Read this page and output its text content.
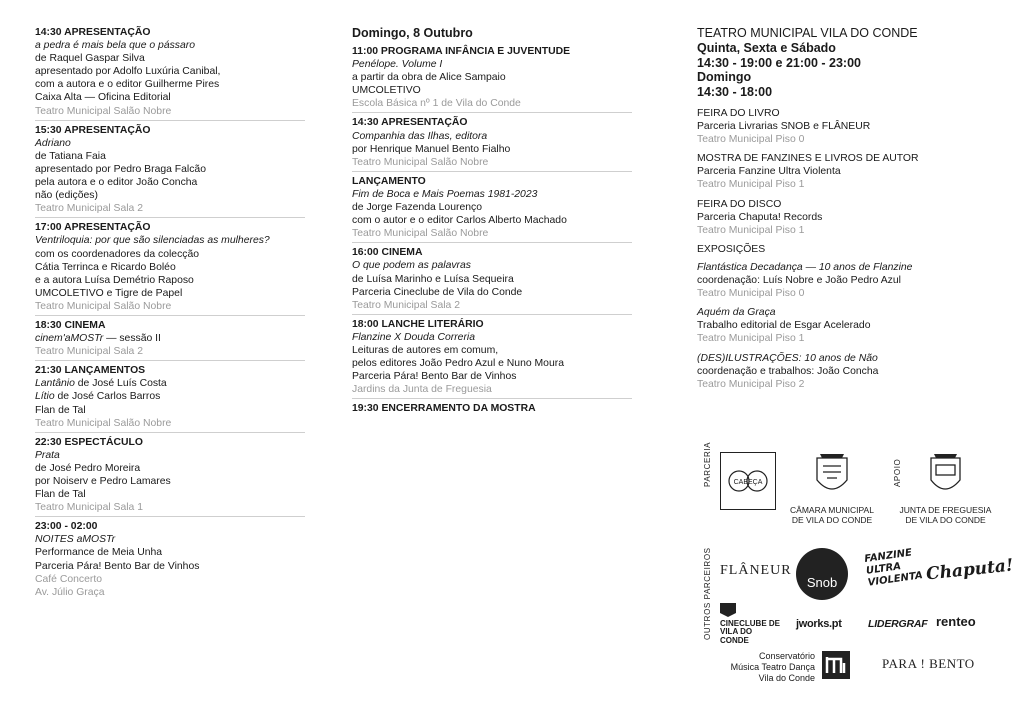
14:30 APRESENTAÇÃO
a pedra é mais bela que o pássaro
de Raquel Gaspar Silva
apresentado por Adolfo Luxúria Canibal,
com a autora e o editor Guilherme Pires
Caixa Alta — Oficina Editorial
Teatro Municipal Salão Nobre
15:30 APRESENTAÇÃO
Adriano
de Tatiana Faia
apresentado por Pedro Braga Falcão
pela autora e o editor João Concha
não (edições)
Teatro Municipal Sala 2
17:00 APRESENTAÇÃO
Ventriloquia: por que são silenciadas as mulheres?
com os coordenadores da colecção
Cátia Terrinca e Ricardo Boléo
e a autora Luísa Demétrio Raposo
UMCOLETIVO e Tigre de Papel
Teatro Municipal Salão Nobre
18:30 CINEMA
cinem'aMOSTr — sessão II
Teatro Municipal Sala 2
21:30 LANÇAMENTOS
Lantânio de José Luís Costa
Lítio de José Carlos Barros
Flan de Tal
Teatro Municipal Salão Nobre
22:30 ESPECTÁCULO
Prata
de José Pedro Moreira
por Noiserv e Pedro Lamares
Flan de Tal
Teatro Municipal Sala 1
23:00 - 02:00
NOITES aMOSTr
Performance de Meia Unha
Parceria Pára! Bento Bar de Vinhos
Café Concerto
Av. Júlio Graça
Domingo, 8 Outubro
11:00 PROGRAMA INFÂNCIA E JUVENTUDE
Penélope. Volume I
a partir da obra de Alice Sampaio
UMCOLETIVO
Escola Básica nº 1 de Vila do Conde
14:30 APRESENTAÇÃO
Companhia das Ilhas, editora
por Henrique Manuel Bento Fialho
Teatro Municipal Salão Nobre
LANÇAMENTO
Fim de Boca e Mais Poemas 1981-2023
de Jorge Fazenda Lourenço
com o autor e o editor Carlos Alberto Machado
Teatro Municipal Salão Nobre
16:00 CINEMA
O que podem as palavras
de Luísa Marinho e Luísa Sequeira
Parceria Cineclube de Vila do Conde
Teatro Municipal Sala 2
18:00 LANCHE LITERÁRIO
Flanzine X Douda Correria
Leituras de autores em comum,
pelos editores João Pedro Azul e Nuno Moura
Parceria Pára! Bento Bar de Vinhos
Jardins da Junta de Freguesia
19:30 ENCERRAMENTO DA MOSTRA
TEATRO MUNICIPAL VILA DO CONDE
Quinta, Sexta e Sábado
14:30 - 19:00 e 21:00 - 23:00
Domingo
14:30 - 18:00
FEIRA DO LIVRO
Parceria Livrarias SNOB e FLÂNEUR
Teatro Municipal Piso 0
MOSTRA DE FANZINES E LIVROS DE AUTOR
Parceria Fanzine Ultra Violenta
Teatro Municipal Piso 1
FEIRA DO DISCO
Parceria Chaputa! Records
Teatro Municipal Piso 1
EXPOSIÇÕES
Flantástica Decadança — 10 anos de Flanzine
coordenação: Luís Nobre e João Pedro Azul
Teatro Municipal Piso 0
Aquém da Graça
Trabalho editorial de Esgar Acelerado
Teatro Municipal Piso 1
(DES)ILUSTRAÇÕES: 10 anos de Não
coordenação e trabalhos: João Concha
Teatro Municipal Piso 2
PARCERIA	CABEÇA
CÂMARA MUNICIPAL DE VILA DO CONDE
APOIO
JUNTA DE FREGUESIA DE VILA DO CONDE
OUTROS PARCEIROS FLÂNEUR
Snob
FANZINE ULTRA VIOLENTA Chaputa!
CINECLUBE DE VILA DO CONDE
jworks.pt	LIDERGRAF renteo
Conservatório
Música Teatro Dança
Vila do Conde
PARA ! BENTO
